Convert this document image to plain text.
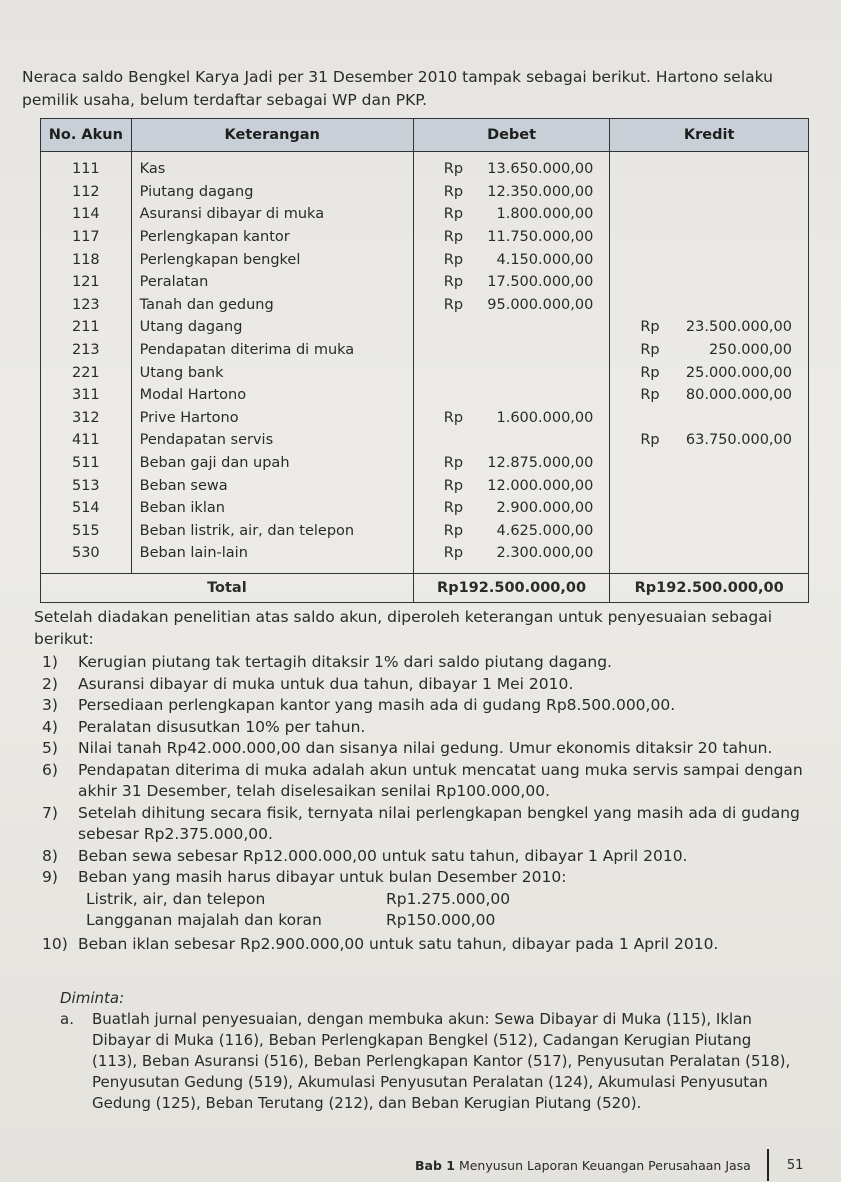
Neraca saldo Bengkel Karya Jadi per 31 Desember 2010 tampak sebagai berikut. Hartono selaku pemilik usaha, belum terdaftar sebagai WP dan PKP.
No. Akun	Keterangan	Debet	Kredit
111	Kas	Rp 13.650.000,00	

112	Piutang dagang	Rp 12.350.000,00	

114	Asuransi dibayar di muka	Rp 1.800.000,00	

117	Perlengkapan kantor	Rp 11.750.000,00	

118	Perlengkapan bengkel	Rp 4.150.000,00	

121	Peralatan	Rp 17.500.000,00	

123	Tanah dan gedung	Rp 95.000.000,00	

211	Utang dagang		Rp 23.500.000,00

213	Pendapatan diterima di muka		Rp 250.000,00

221	Utang bank		Rp 25.000.000,00

311	Modal Hartono		Rp 80.000.000,00

312	Prive Hartono	Rp 1.600.000,00	

411	Pendapatan servis		Rp 63.750.000,00

511	Beban gaji dan upah	Rp 12.875.000,00	

513	Beban sewa	Rp 12.000.000,00	

514	Beban iklan	Rp 2.900.000,00	

515	Beban listrik, air, dan telepon	Rp 4.625.000,00	

530	Beban lain-lain	Rp 2.300.000,00	

Total		Rp192.500.000,00	Rp192.500.000,00
Setelah diadakan penelitian atas saldo akun, diperoleh keterangan untuk penyesuaian sebagai berikut:
1)	Kerugian piutang tak tertagih ditaksir 1% dari saldo piutang dagang.
2)	Asuransi dibayar di muka untuk dua tahun, dibayar 1 Mei 2010.
3)	Persediaan perlengkapan kantor yang masih ada di gudang Rp8.500.000,00.
4)	Peralatan disusutkan 10% per tahun.
5)	Nilai tanah Rp42.000.000,00 dan sisanya nilai gedung. Umur ekonomis ditaksir 20 tahun.
6)	Pendapatan diterima di muka adalah akun untuk mencatat uang muka servis sampai dengan akhir 31 Desember, telah diselesaikan senilai Rp100.000,00.
7)	Setelah dihitung secara fisik, ternyata nilai perlengkapan bengkel yang masih ada di gudang sebesar Rp2.375.000,00.
8)	Beban sewa sebesar Rp12.000.000,00 untuk satu tahun, dibayar 1 April 2010.
9)	Beban yang masih harus dibayar untuk bulan Desember 2010:
Listrik, air, dan telepon	Rp1.275.000,00
Langganan majalah dan koran	Rp150.000,00
10) Beban iklan sebesar Rp2.900.000,00 untuk satu tahun, dibayar pada 1 April 2010.
Diminta:
a.	Buatlah jurnal penyesuaian, dengan membuka akun: Sewa Dibayar di Muka (115), Iklan Dibayar di Muka (116), Beban Perlengkapan Bengkel (512), Cadangan Kerugian Piutang (113), Beban Asuransi (516), Beban Perlengkapan Kantor (517), Penyusutan Peralatan (518), Penyusutan Gedung (519), Akumulasi Penyusutan Peralatan (124), Akumulasi Penyusutan Gedung (125), Beban Terutang (212), dan Beban Kerugian Piutang (520).
Bab 1
Menyusun Laporan Keuangan Perusahaan Jasa	51
